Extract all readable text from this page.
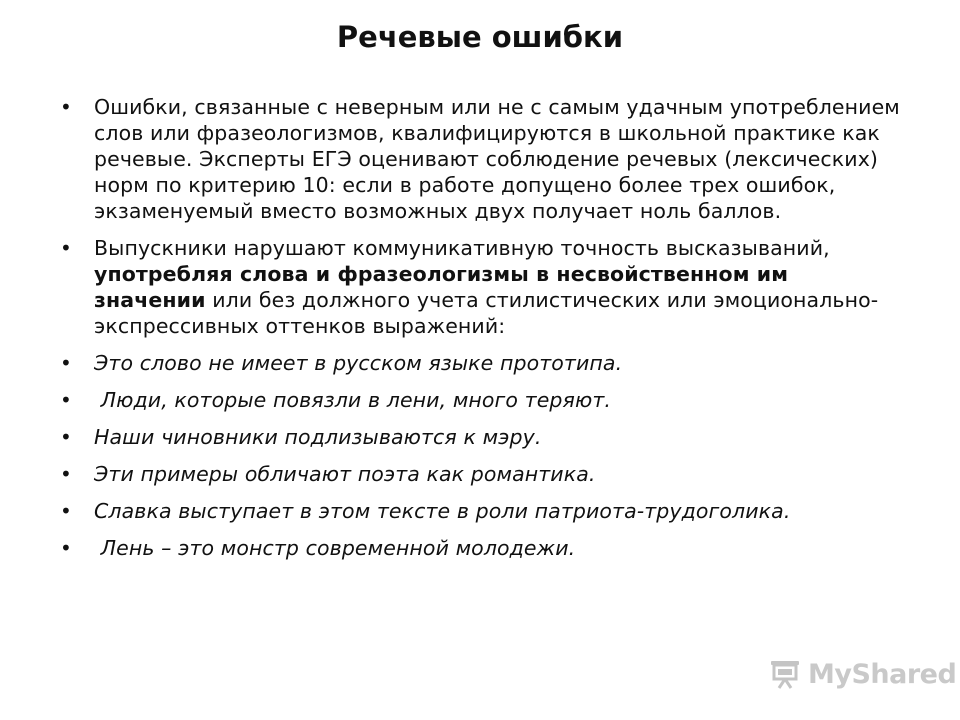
Речевые ошибки
• Ошибки, связанные с неверным или не с самым удачным употреблением слов или фразеологизмов, квалифицируются в школьной практике как речевые. Эксперты ЕГЭ оценивают соблюдение речевых (лексических) норм по критерию 10: если в работе допущено более трех ошибок, экзаменуемый вместо возможных двух получает ноль баллов.
• Выпускники нарушают коммуникативную точность высказываний, употребляя слова и фразеологизмы в несвойственном им значении или без должного учета стилистических или эмоционально-экспрессивных оттенков выражений:
• Это слово не имеет в русском языке прототипа.
• Люди, которые повязли в лени, много теряют.
• Наши чиновники подлизываются к мэру.
• Эти примеры обличают поэта как романтика.
• Славка выступает в этом тексте в роли патриота-трудоголика.
• Лень – это монстр современной молодежи.
MyShared
